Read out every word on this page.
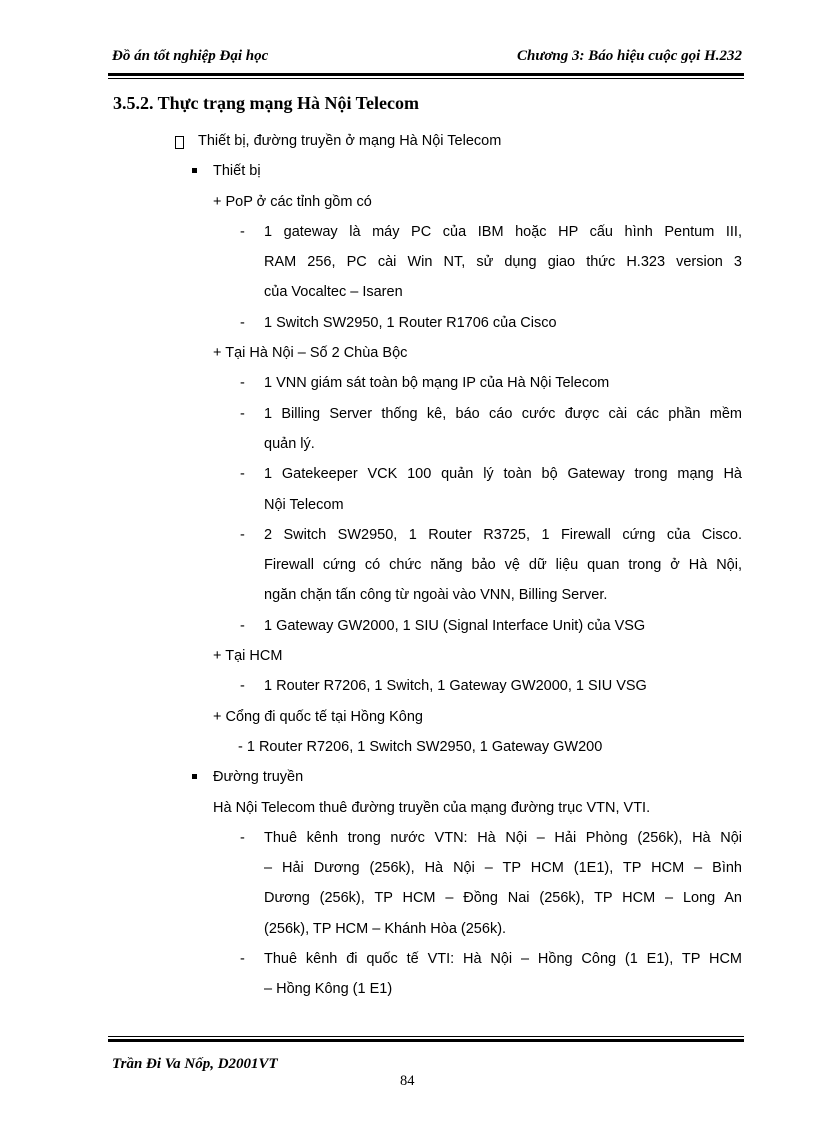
Đồ án tốt nghiệp Đại học	Chương 3: Báo hiệu cuộc gọi H.232
3.5.2. Thực trạng mạng Hà Nội Telecom
Thiết bị, đường truyền ở mạng Hà Nội Telecom
Thiết bị
+ PoP ở các tỉnh gồm có
- 1 gateway là máy PC của IBM hoặc HP cấu hình Pentum III,
RAM 256, PC cài Win NT, sử dụng giao thức H.323 version 3
của Vocaltec – Isaren
- 1 Switch SW2950, 1 Router R1706 của Cisco
+ Tại Hà Nội – Số 2 Chùa Bộc
- 1 VNN giám sát toàn bộ mạng IP của Hà Nội Telecom
- 1 Billing Server thống kê, báo cáo cước được cài các phần mềm
quản lý.
- 1 Gatekeeper VCK 100 quản lý toàn bộ Gateway trong mạng Hà
Nội Telecom
- 2 Switch SW2950, 1 Router R3725, 1 Firewall cứng của Cisco.
Firewall cứng có chức năng bảo vệ dữ liệu quan trong ở Hà Nội,
ngăn chặn tấn công từ ngoài vào VNN, Billing Server.
- 1 Gateway GW2000, 1 SIU (Signal Interface Unit) của VSG
+ Tại HCM
- 1 Router R7206, 1 Switch, 1 Gateway GW2000, 1 SIU VSG
+ Cổng đi quốc tế tại Hồng Kông
- 1 Router R7206, 1 Switch SW2950, 1 Gateway GW200
Đường truyền
Hà Nội Telecom thuê đường truyền của mạng đường trục VTN, VTI.
- Thuê kênh trong nước VTN: Hà Nội – Hải Phòng (256k), Hà Nội
– Hải Dương (256k), Hà Nội – TP HCM (1E1), TP HCM – Bình
Dương (256k), TP HCM – Đồng Nai (256k), TP HCM – Long An
(256k), TP HCM – Khánh Hòa (256k).
- Thuê kênh đi quốc tế VTI: Hà Nội – Hồng Công (1 E1), TP HCM
– Hồng Kông (1 E1)
Trần Đi Va Nốp, D2001VT
84
